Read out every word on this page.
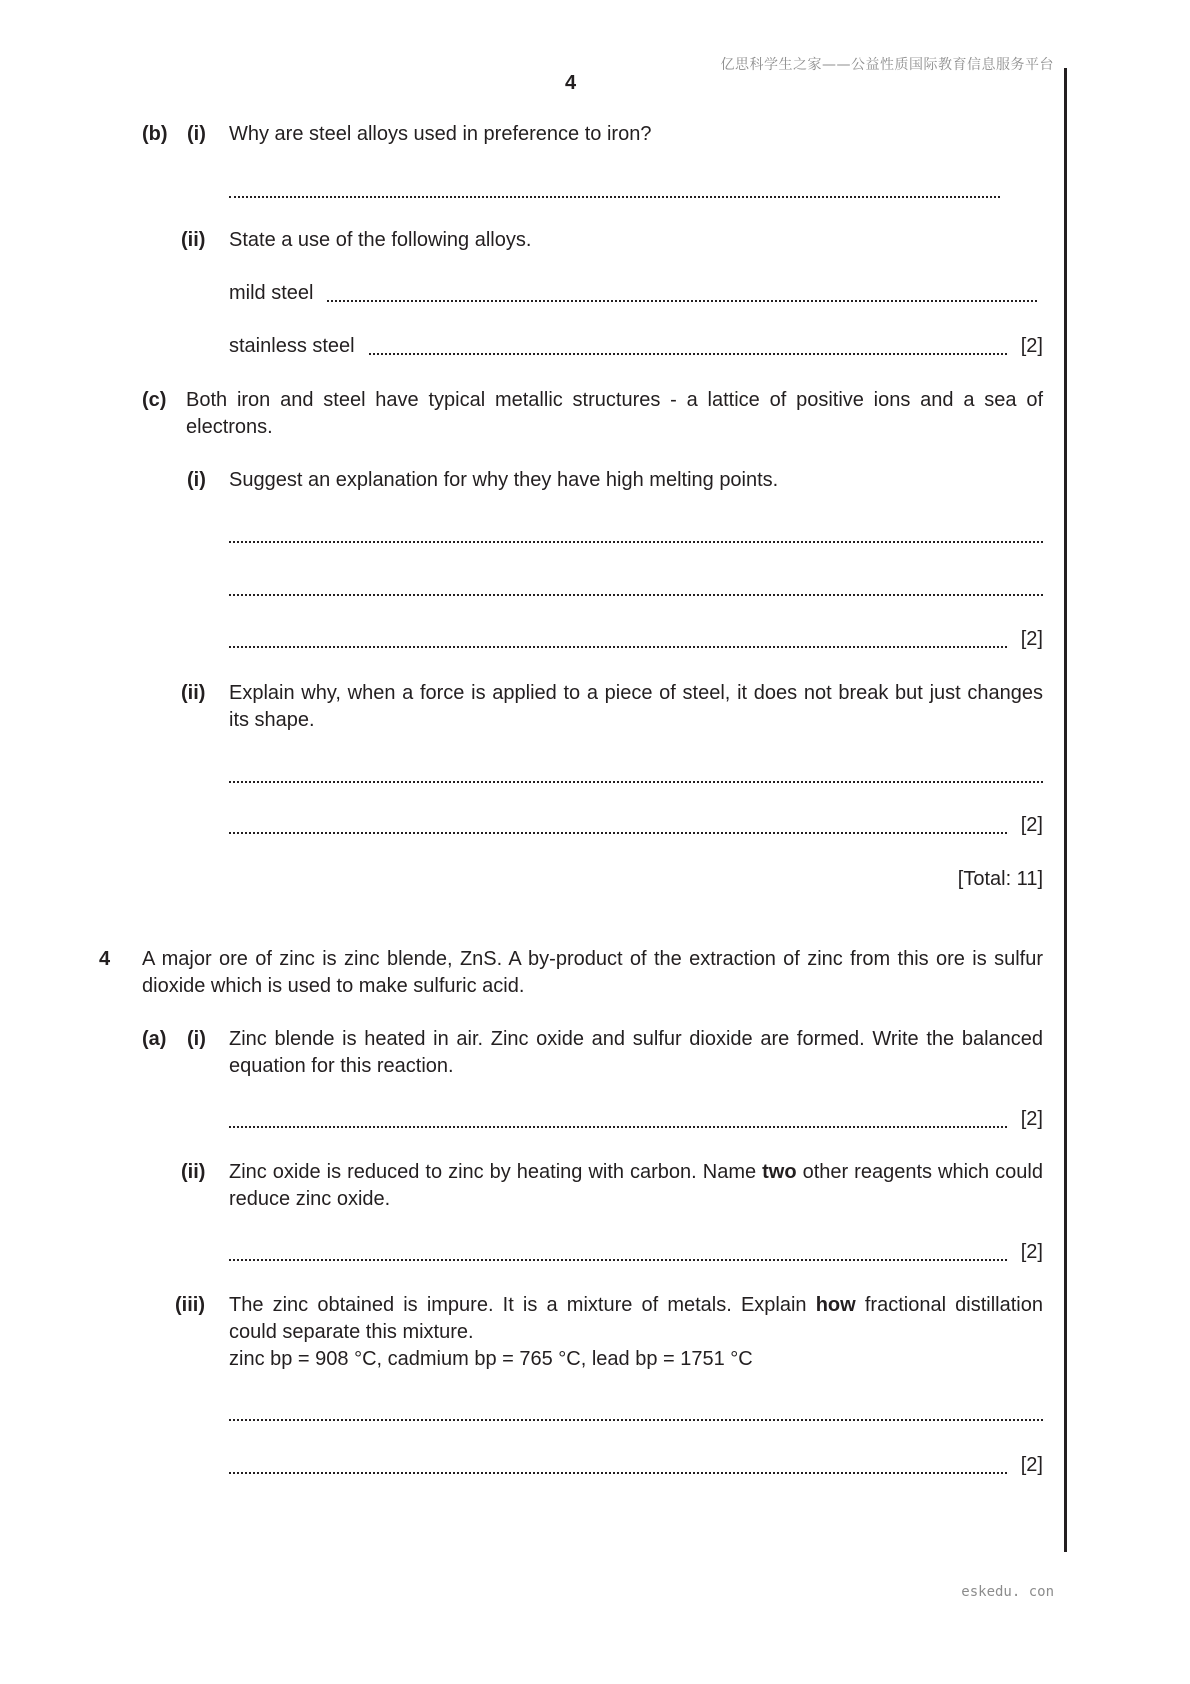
亿思科学生之家——公益性质国际教育信息服务平台
4
(b) (i) Why are steel alloys used in preference to iron?
(ii) State a use of the following alloys.
mild steel
stainless steel	[2]
(c) Both iron and steel have typical metallic structures - a lattice of positive ions and a sea of electrons.
(i) Suggest an explanation for why they have high melting points.
[2]
(ii) Explain why, when a force is applied to a piece of steel, it does not break but just changes its shape.
[2]
[Total: 11]
4 A major ore of zinc is zinc blende, ZnS. A by-product of the extraction of zinc from this ore is sulfur dioxide which is used to make sulfuric acid.
(a) (i) Zinc blende is heated in air. Zinc oxide and sulfur dioxide are formed. Write the balanced equation for this reaction.
[2]
(ii) Zinc oxide is reduced to zinc by heating with carbon. Name two other reagents which could reduce zinc oxide.
[2]
(iii) The zinc obtained is impure. It is a mixture of metals. Explain how fractional distillation could separate this mixture.
zinc bp = 908 °C, cadmium bp = 765 °C, lead bp = 1751 °C
[2]
eskedu. con
